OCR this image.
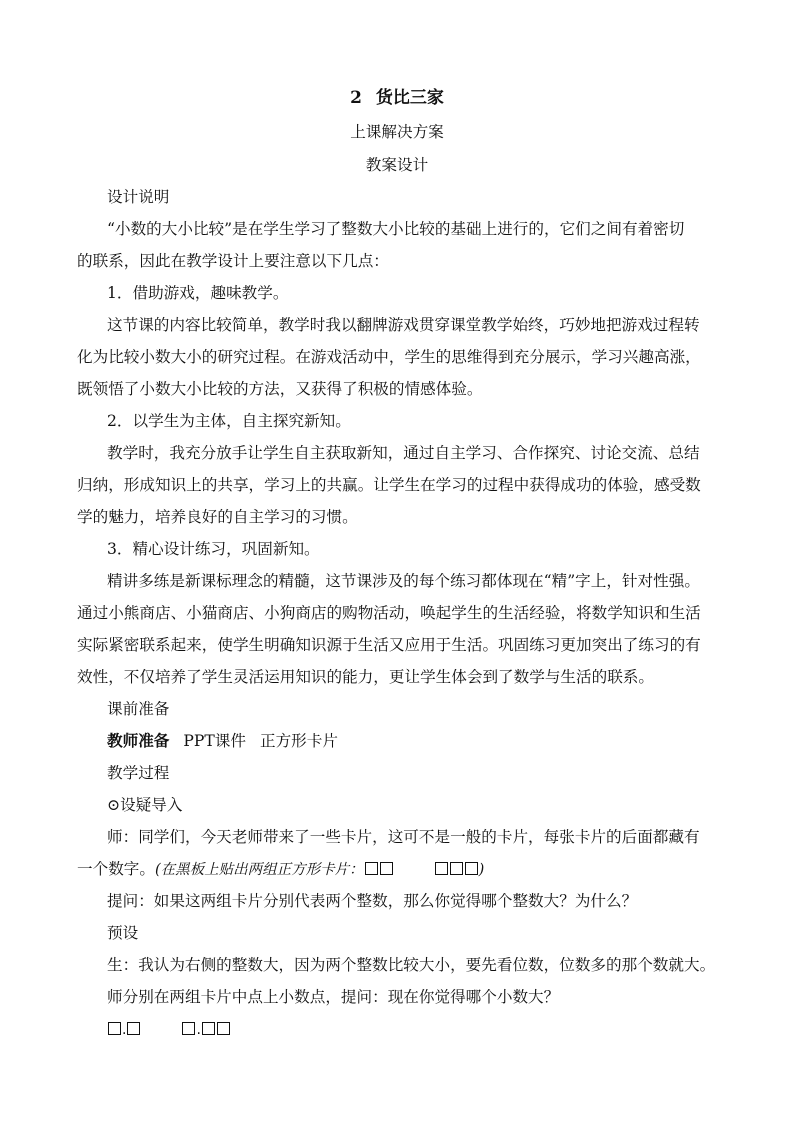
2 货比三家
上课解决方案
教案设计
设计说明
“小数的大小比较”是在学生学习了整数大小比较的基础上进行的，它们之间有着密切
的联系，因此在教学设计上要注意以下几点：
1．借助游戏，趣味教学。
这节课的内容比较简单，教学时我以翻牌游戏贯穿课堂教学始终，巧妙地把游戏过程转
化为比较小数大小的研究过程。在游戏活动中，学生的思维得到充分展示，学习兴趣高涨，
既领悟了小数大小比较的方法，又获得了积极的情感体验。
2．以学生为主体，自主探究新知。
教学时，我充分放手让学生自主获取新知，通过自主学习、合作探究、讨论交流、总结
归纳，形成知识上的共享，学习上的共赢。让学生在学习的过程中获得成功的体验，感受数
学的魅力，培养良好的自主学习的习惯。
3．精心设计练习，巩固新知。
精讲多练是新课标理念的精髓，这节课涉及的每个练习都体现在“精”字上，针对性强。
通过小熊商店、小猫商店、小狗商店的购物活动，唤起学生的生活经验，将数学知识和生活
实际紧密联系起来，使学生明确知识源于生活又应用于生活。巩固练习更加突出了练习的有
效性，不仅培养了学生灵活运用知识的能力，更让学生体会到了数学与生活的联系。
课前准备
教师准备 PPT课件 正方形卡片
教学过程
⊙设疑导入
师：同学们，今天老师带来了一些卡片，这可不是一般的卡片，每张卡片的后面都藏有
一个数字。(在黑板上贴出两组正方形卡片：	)
提问：如果这两组卡片分别代表两个整数，那么你觉得哪个整数大？为什么？
预设
生：我认为右侧的整数大，因为两个整数比较大小，要先看位数，位数多的那个数就大。
师分别在两组卡片中点上小数点，提问：现在你觉得哪个小数大？
.	.
